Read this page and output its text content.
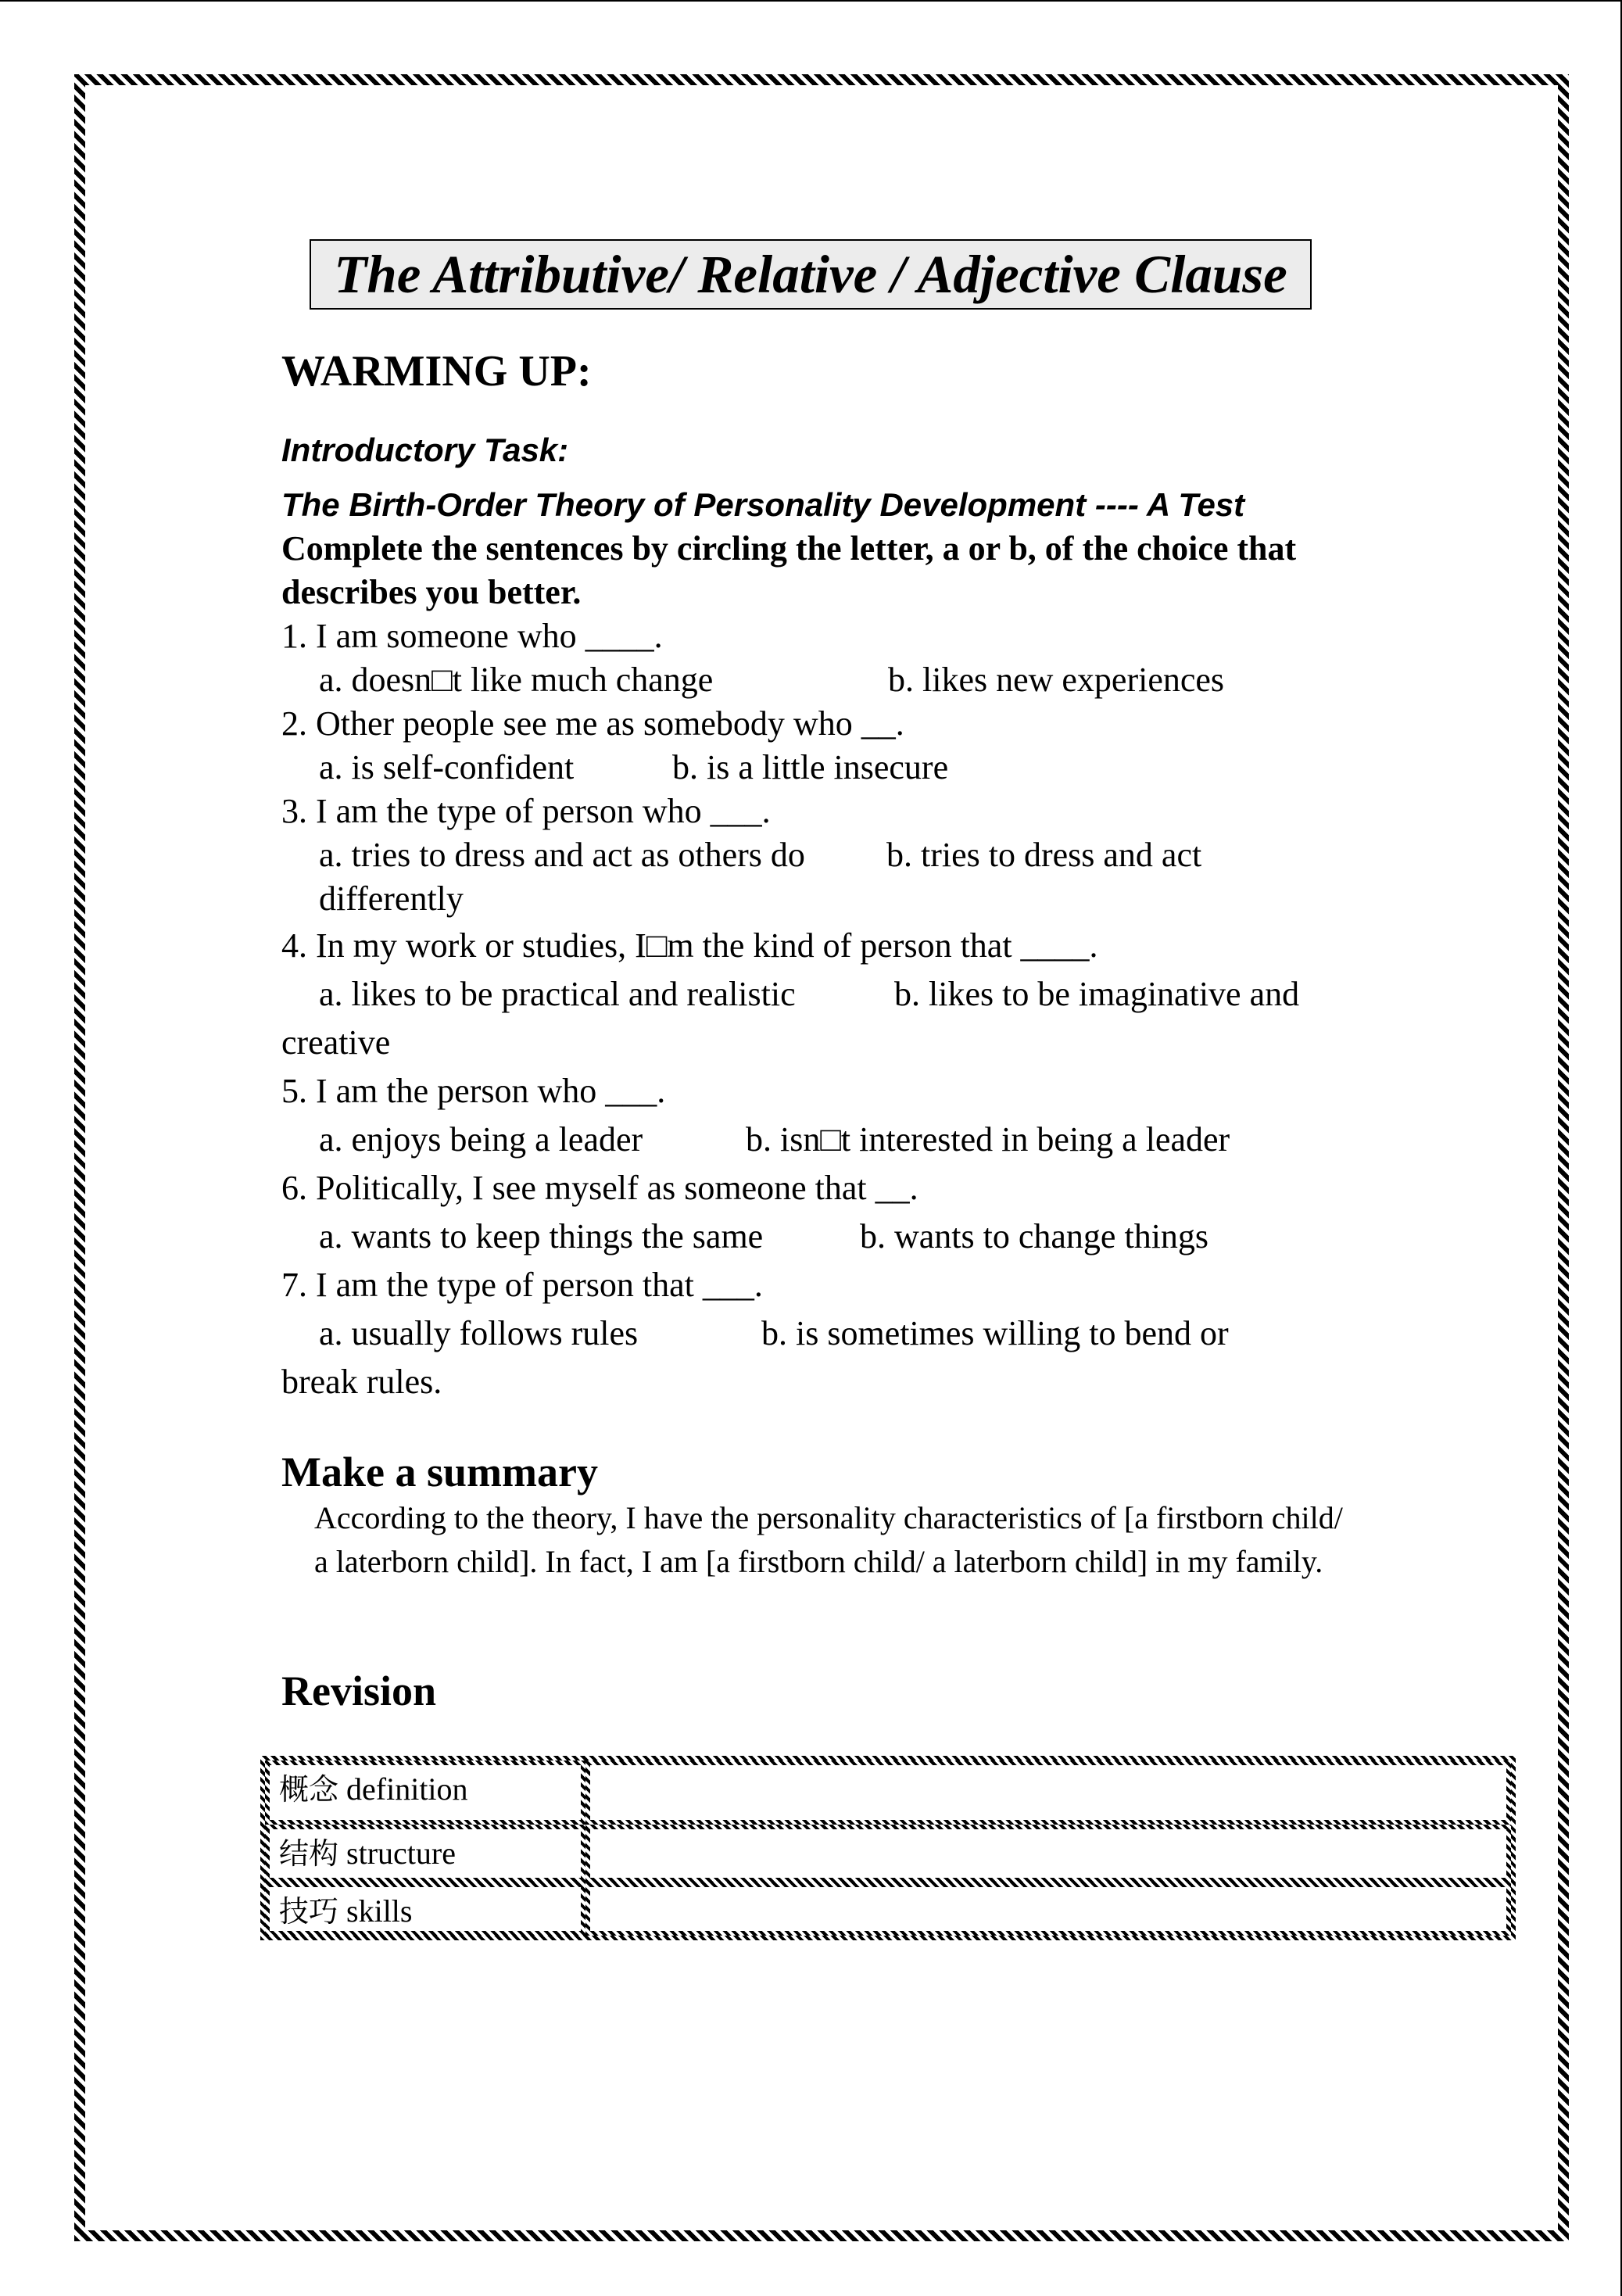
The Attributive/ Relative / Adjective Clause
WARMING UP:
Introductory Task:
The Birth-Order Theory of Personality Development ---- A Test
Complete the sentences by circling the letter, a or b, of the choice that describes you better.
1. I am someone who ____.
a. doesn□t like much change	b. likes new experiences
2. Other people see me as somebody who __.
a. is self-confident	b. is a little insecure
3. I am the type of person who ___.
a. tries to dress and act as others do b. tries to dress and act
differently
4. In my work or studies, I□m the kind of person that ____.
a. likes to be practical and realistic	b. likes to be imaginative and
creative
5. I am the person who ___.
a. enjoys being a leader	b. isn□t interested in being a leader
6. Politically, I see myself as someone that __.
a. wants to keep things the same	b. wants to change things
7. I am the type of person that ___.
a. usually follows rules	b. is sometimes willing to bend or
break rules.
Make a summary
According to the theory, I have the personality characteristics of [a firstborn child/ a laterborn child]. In fact, I am [a firstborn child/ a laterborn child] in my family.
Revision
概念 definition
结构 structure
技巧 skills
